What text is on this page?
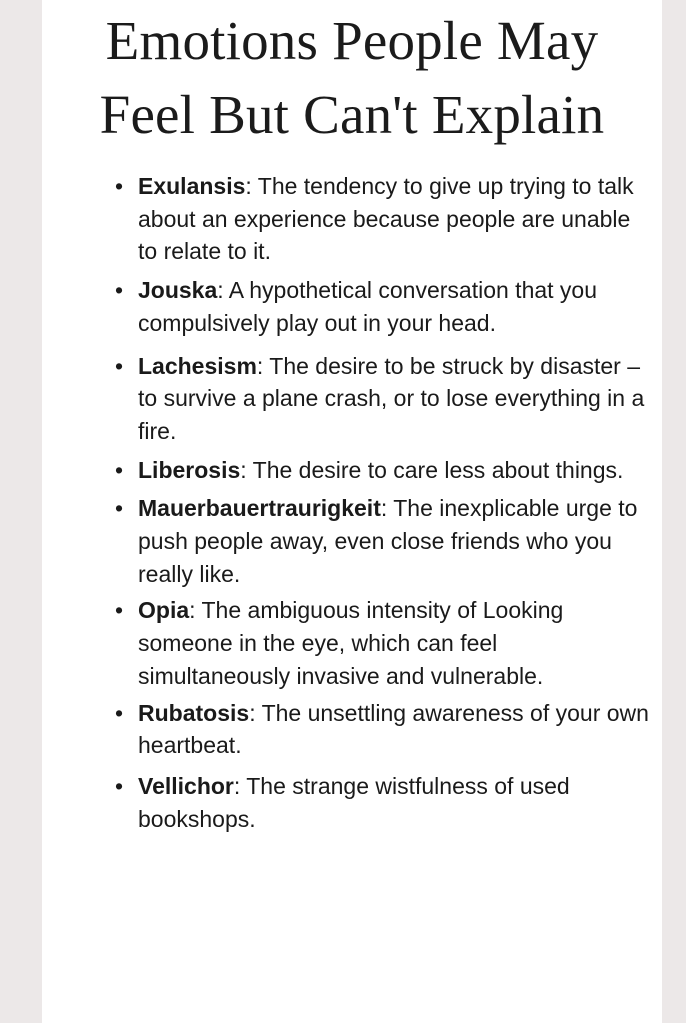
Emotions People May
Feel But Can't Explain
• Exulansis: The tendency to give up trying to talk about an experience because people are unable to relate to it.
• Jouska: A hypothetical conversation that you compulsively play out in your head.
• Lachesism: The desire to be struck by disaster – to survive a plane crash, or to lose everything in a fire.
• Liberosis: The desire to care less about things.
• Mauerbauertraurigkeit: The inexplicable urge to push people away, even close friends who you really like.
• Opia: The ambiguous intensity of Looking someone in the eye, which can feel simultaneously invasive and vulnerable.
• Rubatosis: The unsettling awareness of your own heartbeat.
• Vellichor: The strange wistfulness of used bookshops.
